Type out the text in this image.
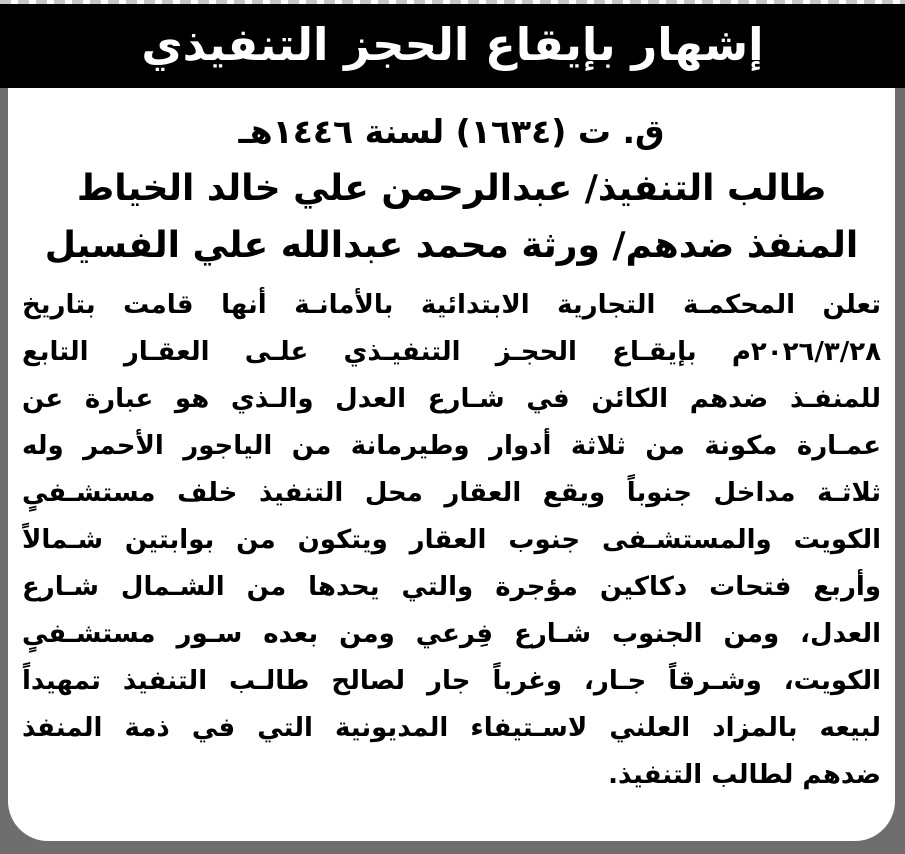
إشهار بإيقاع الحجز التنفيذي
ق. ت (١٦٣٤) لسنة ١٤٤٦هـ
طالب التنفيذ/ عبدالرحمن علي خالد الخياط
المنفذ ضدهم/ ورثة محمد عبدالله علي الفسيل
تعلن المحكمـة التجارية الابتدائية بالأمانـة أنها قامت بتاريخ
٢٠٢٦/٣/٢٨م بإيقـاع الحجـز التنفيـذي علـى العقـار التابع
للمنفـذ ضدهم الكائن في شـارع العدل والـذي هو عبارة عن
عمـارة مكونة من ثلاثة أدوار وطيرمانة من الياجور الأحمر وله
ثلاثـة مداخل جنوباً ويقع العقار محل التنفيذ خلف مستشـفىٍ
الكويت والمستشـفى جنوب العقار ويتكون من بوابتين شـمالاً
وأربع فتحات دكاكين مؤجرة والتي يحدها من الشـمال شـارع
العدل، ومن الجنوب شـارع فِرعي ومن بعده سـور مستشـفىٍ
الكويت، وشـرقاً جـار، وغرباً جار لصالح طالـب التنفيذ تمهيداً
لبيعه بالمزاد العلني لاسـتيفاء المديونية التي في ذمة المنفذ
ضدهم لطالب التنفيذ.
